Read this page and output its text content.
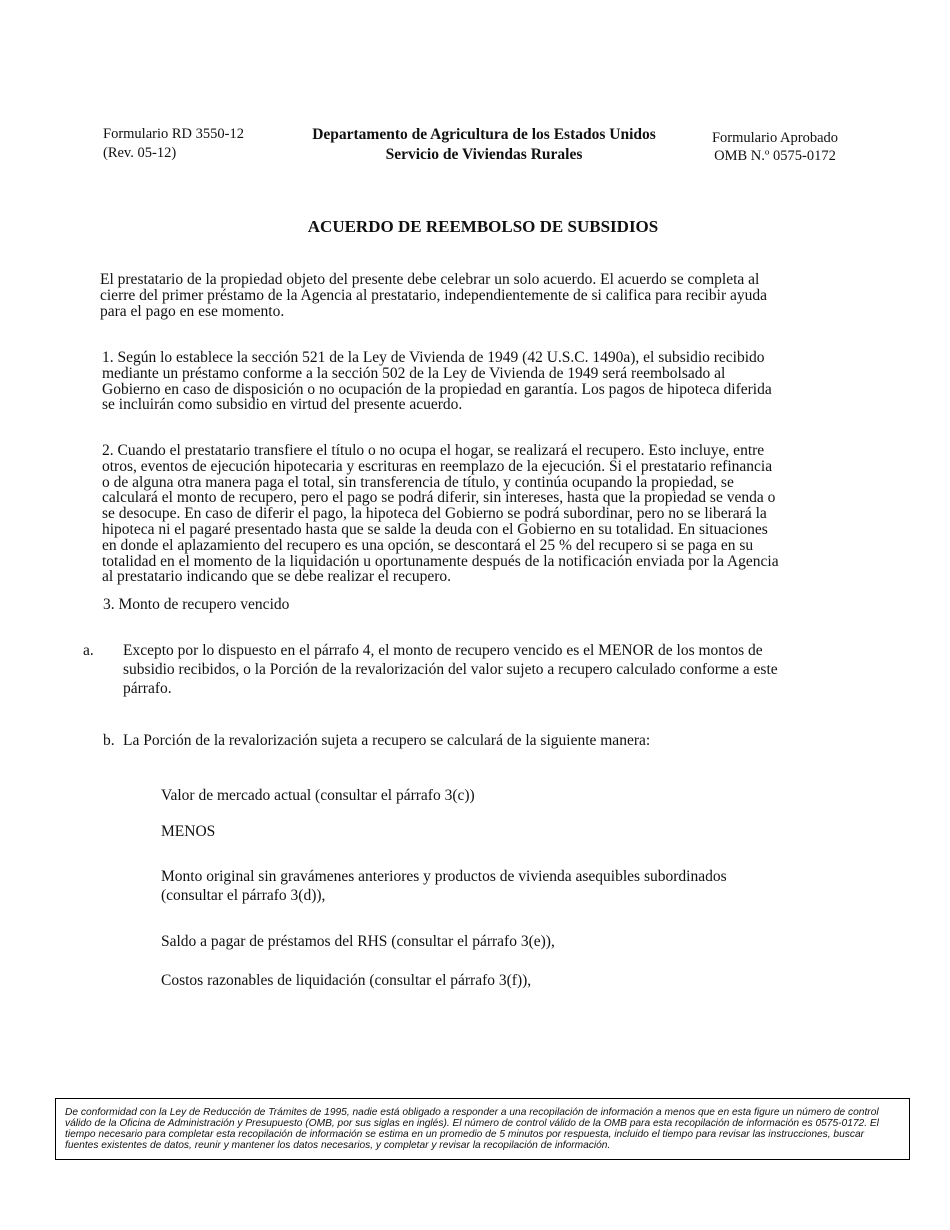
Formulario RD 3550-12
(Rev. 05-12)
Departamento de Agricultura de los Estados Unidos
Servicio de Viviendas Rurales
Formulario Aprobado
OMB N.º 0575-0172
ACUERDO DE REEMBOLSO DE SUBSIDIOS
El prestatario de la propiedad objeto del presente debe celebrar un solo acuerdo. El acuerdo se completa al cierre del primer préstamo de la Agencia al prestatario, independientemente de si califica para recibir ayuda para el pago en ese momento.
1. Según lo establece la sección 521 de la Ley de Vivienda de 1949 (42 U.S.C. 1490a), el subsidio recibido mediante un préstamo conforme a la sección 502 de la Ley de Vivienda de 1949 será reembolsado al Gobierno en caso de disposición o no ocupación de la propiedad en garantía. Los pagos de hipoteca diferida se incluirán como subsidio en virtud del presente acuerdo.
2. Cuando el prestatario transfiere el título o no ocupa el hogar, se realizará el recupero. Esto incluye, entre otros, eventos de ejecución hipotecaria y escrituras en reemplazo de la ejecución. Si el prestatario refinancia o de alguna otra manera paga el total, sin transferencia de título, y continúa ocupando la propiedad, se calculará el monto de recupero, pero el pago se podrá diferir, sin intereses, hasta que la propiedad se venda o se desocupe. En caso de diferir el pago, la hipoteca del Gobierno se podrá subordinar, pero no se liberará la hipoteca ni el pagaré presentado hasta que se salde la deuda con el Gobierno en su totalidad. En situaciones en donde el aplazamiento del recupero es una opción, se descontará el 25 % del recupero si se paga en su totalidad en el momento de la liquidación u oportunamente después de la notificación enviada por la Agencia al prestatario indicando que se debe realizar el recupero.
3. Monto de recupero vencido
a. Excepto por lo dispuesto en el párrafo 4, el monto de recupero vencido es el MENOR de los montos de subsidio recibidos, o la Porción de la revalorización del valor sujeto a recupero calculado conforme a este párrafo.
b. La Porción de la revalorización sujeta a recupero se calculará de la siguiente manera:
Valor de mercado actual (consultar el párrafo 3(c))
MENOS
Monto original sin gravámenes anteriores y productos de vivienda asequibles subordinados (consultar el párrafo 3(d)),
Saldo a pagar de préstamos del RHS (consultar el párrafo 3(e)),
Costos razonables de liquidación (consultar el párrafo 3(f)),
De conformidad con la Ley de Reducción de Trámites de 1995, nadie está obligado a responder a una recopilación de información a menos que en esta figure un número de control válido de la Oficina de Administración y Presupuesto (OMB, por sus siglas en inglés). El número de control válido de la OMB para esta recopilación de información es 0575-0172. El tiempo necesario para completar esta recopilación de información se estima en un promedio de 5 minutos por respuesta, incluido el tiempo para revisar las instrucciones, buscar fuentes existentes de datos, reunir y mantener los datos necesarios, y completar y revisar la recopilación de información.
